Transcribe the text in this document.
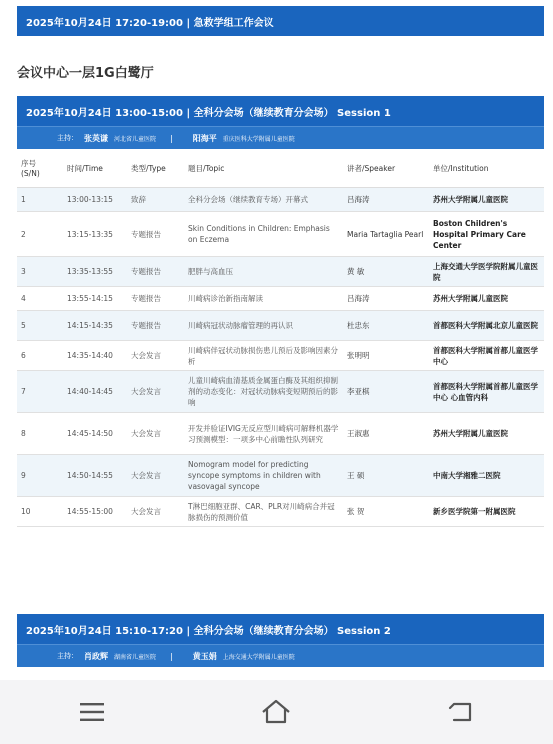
2025年10月24日 17:20-19:00 | 急救学组工作会议
会议中心一层1G白鹭厅
2025年10月24日 13:00-15:00 | 全科分会场（继续教育分会场） Session 1
主持： 张英谦 河北省儿童医院 |	阳海平 重庆医科大学附属儿童医院
序号
(S/N)	时间/Time	类型/Type	题目/Topic	讲者/Speaker	单位/Institution
1	13:00-13:15	致辞	全科分会场（继续教育专场）开幕式	吕海涛	苏州大学附属儿童医院
2	13:15-13:35	专题报告	Skin Conditions in Children: Emphasis on Eczema	Maria Tartaglia Pearl	Boston Children's Hospital Primary Care Center
3	13:35-13:55	专题报告	肥胖与高血压	黄 敏	上海交通大学医学院附属儿童医院
4	13:55-14:15	专题报告	川崎病诊治新指南解读	吕海涛	苏州大学附属儿童医院
5	14:15-14:35	专题报告	川崎病冠状动脉瘤管理的再认识	杜忠东	首都医科大学附属北京儿童医院
6	14:35-14:40	大会发言	川崎病伴冠状动脉损伤患儿预后及影响因素分析	张明明	首都医科大学附属首都儿童医学中心
7	14:40-14:45	大会发言	儿童川崎病血清基质金属蛋白酶及其组织抑制剂的动态变化：对冠状动脉病变短期预后的影响	李亚棋	首都医科大学附属首都儿童医学中心 心血管内科
8	14:45-14:50	大会发言	开发并验证IVIG无反应型川崎病可解释机器学习预测模型：一项多中心前瞻性队列研究	王淑惠	苏州大学附属儿童医院
9	14:50-14:55	大会发言	Nomogram model for predicting syncope symptoms in children with vasovagal syncope	王 硕	中南大学湘雅二医院
10	14:55-15:00	大会发言	T淋巴细胞亚群、CAR、PLR对川崎病合并冠脉损伤的预测价值	张 贺	新乡医学院第一附属医院
2025年10月24日 15:10-17:20 | 全科分会场（继续教育分会场） Session 2
主持： 肖政辉 湖南省儿童医院 |	黄玉娟 上海交通大学附属儿童医院
